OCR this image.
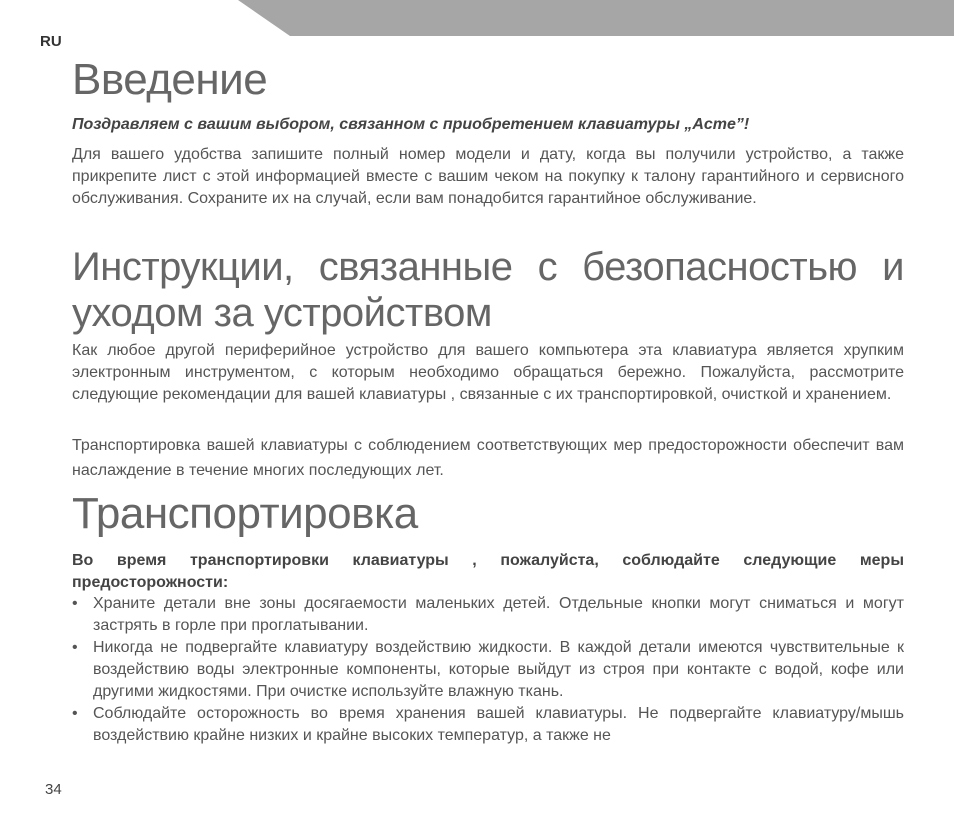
RU
Введение

Поздравляем с вашим выбором, связанном с приобретением клавиатуры „Acme”!

Для вашего удобства запишите полный номер модели и дату, когда вы получили устройство, а также прикрепите лист с этой информацией вместе с вашим чеком на покупку к талону гарантийного и сервисного обслуживания. Сохраните их на случай, если вам понадобится гарантийное обслуживание.

Инструкции, связанные с безопасностью и уходом за устройством

Как любое другой периферийное устройство для вашего компьютера эта клавиатура является хрупким электронным инструментом, с которым необходимо обращаться бережно. Пожалуйста, рассмотрите следующие рекомендации для вашей клавиатуры , связанные с их транспортировкой, очисткой и хранением.

Транспортировка вашей клавиатуры с соблюдением соответствующих мер предосторожности обеспечит вам наслаждение в течение многих последующих лет.

Транспортировка

Во время транспортировки клавиатуры , пожалуйста, соблюдайте следующие меры предосторожности:

• Храните детали вне зоны досягаемости маленьких детей. Отдельные кнопки могут сниматься и могут застрять в горле при проглатывании.
• Никогда не подвергайте клавиатуру воздействию жидкости. В каждой детали имеются чувствительные к воздействию воды электронные компоненты, которые выйдут из строя при контакте с водой, кофе или другими жидкостями. При очистке используйте влажную ткань.
• Соблюдайте осторожность во время хранения вашей клавиатуры. Не подвергайте клавиатуру/мышь воздействию крайне низких и крайне высоких температур, а также не
34
